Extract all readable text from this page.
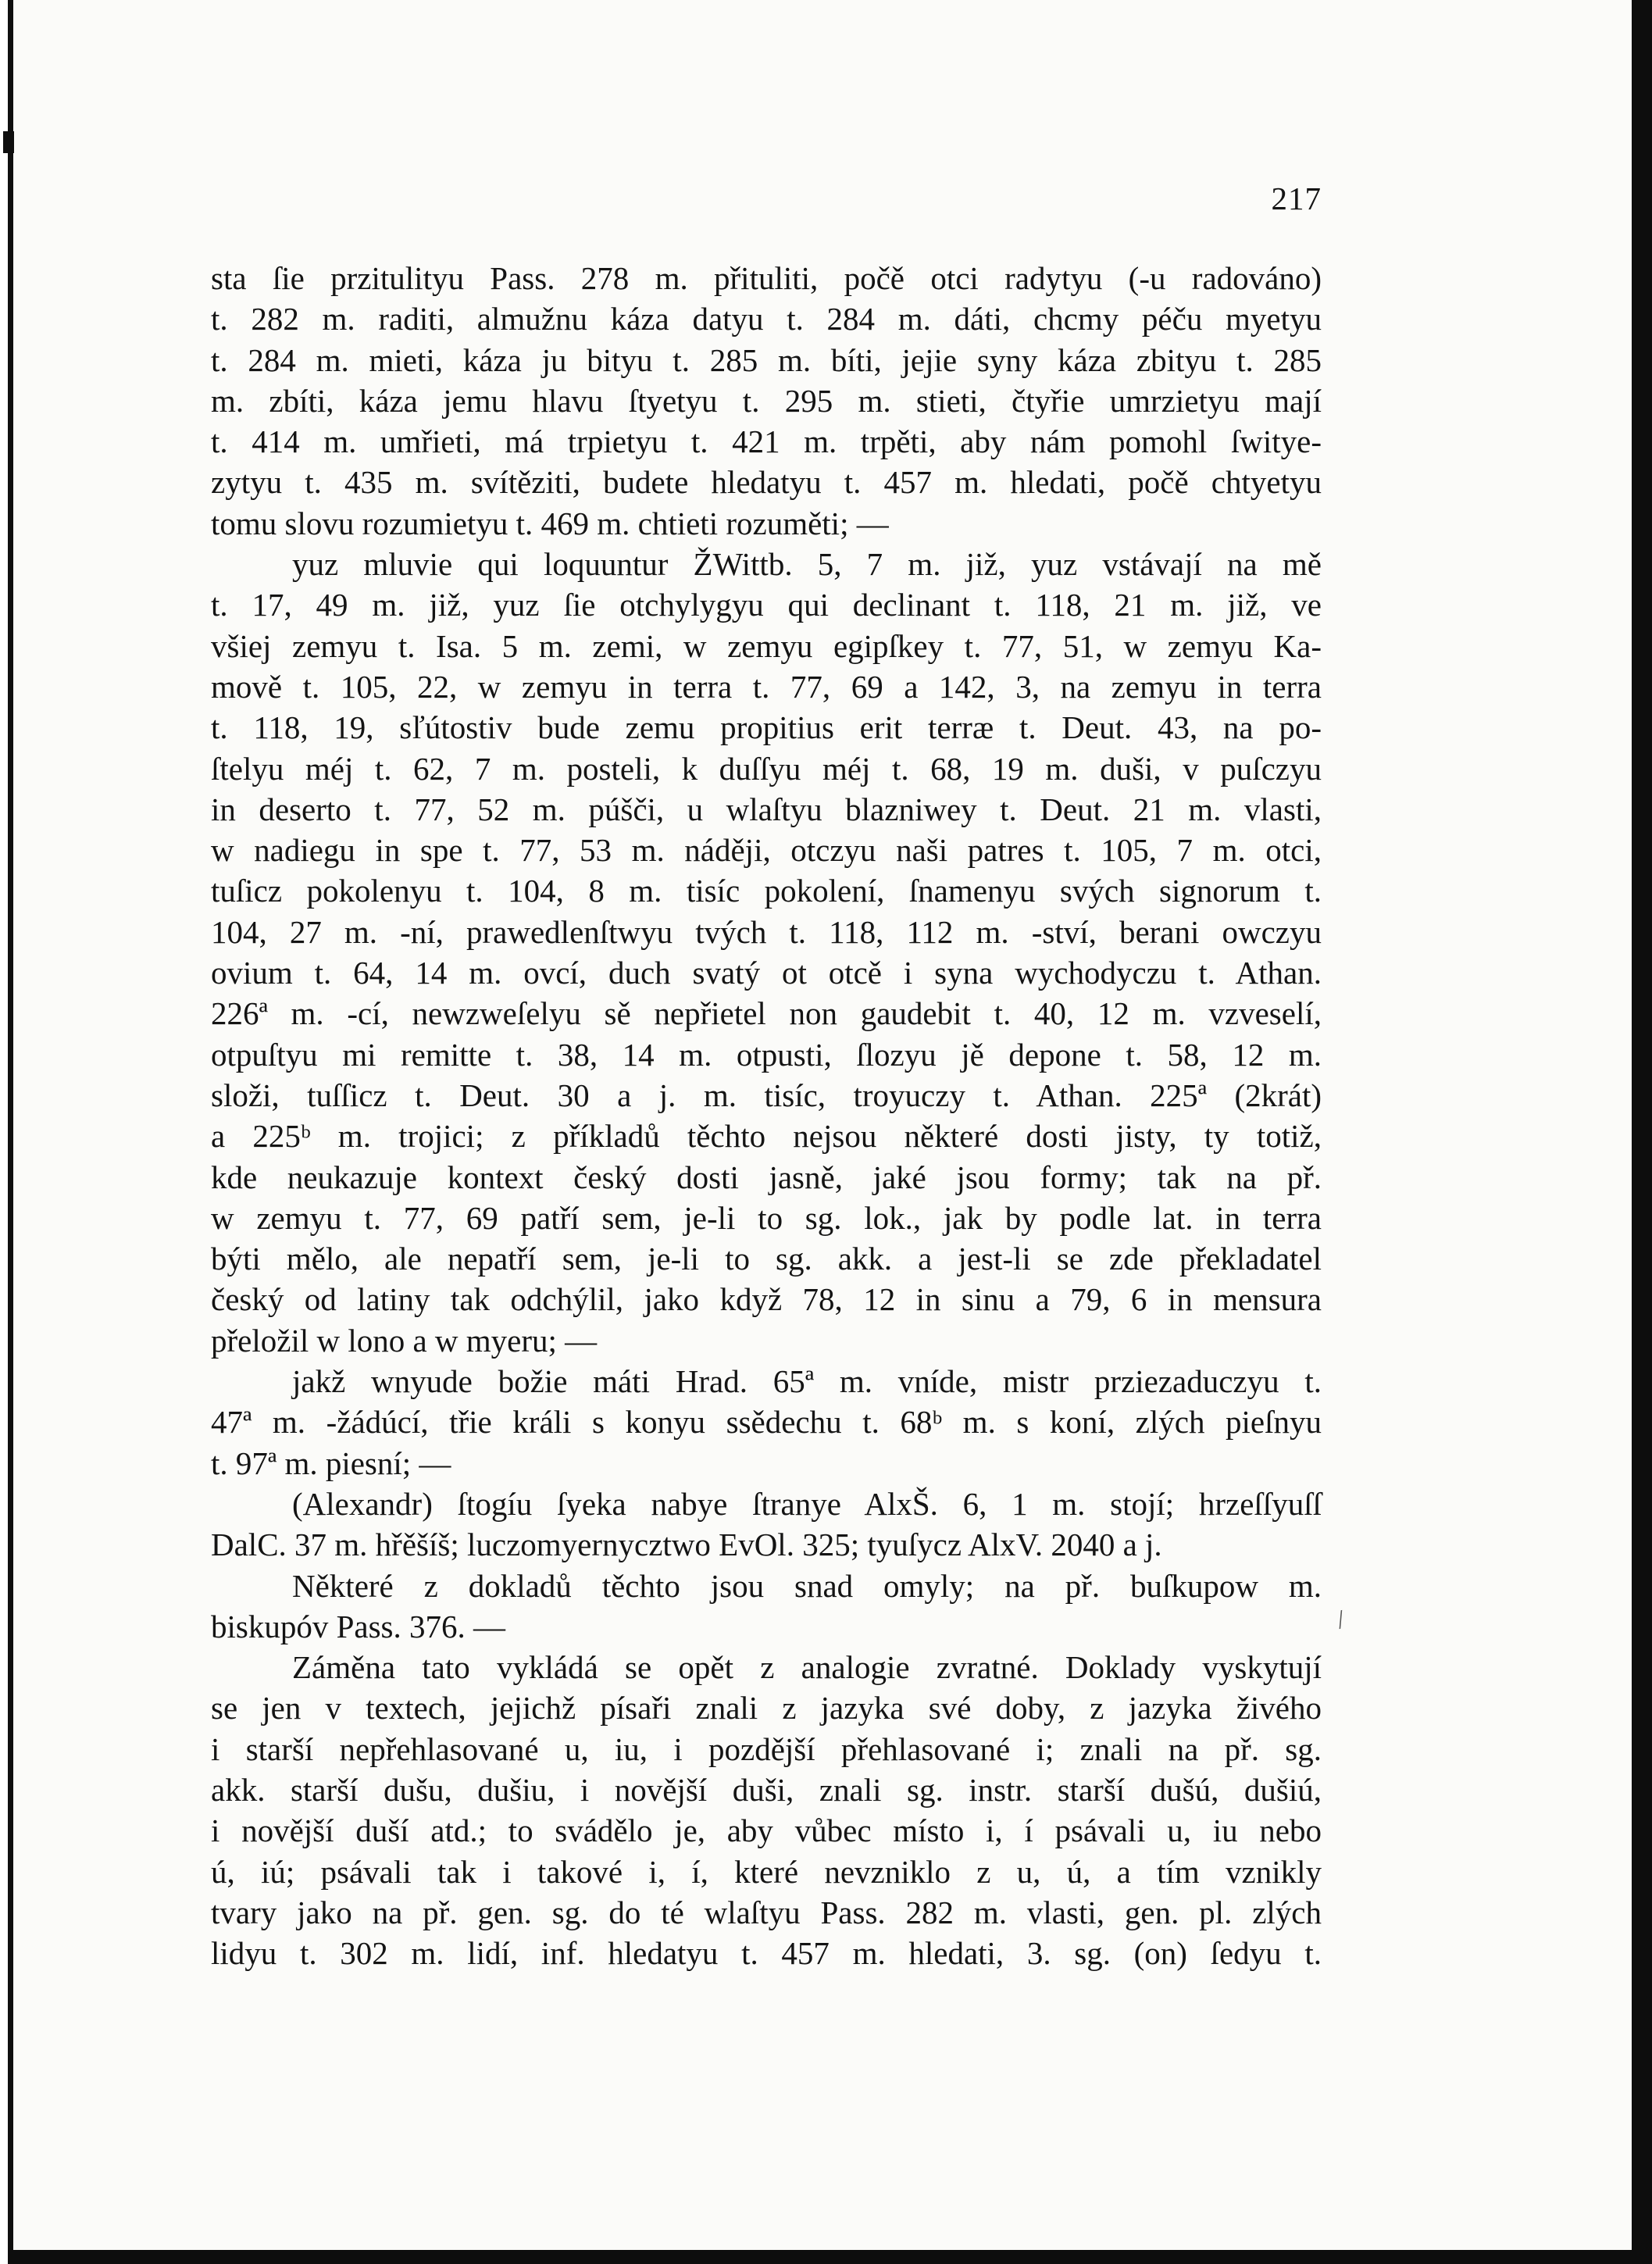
217
sta ſie przitulityu Pass. 278 m. přituliti, počě otci radytyu (-u radováno)
t. 282 m. raditi, almužnu káza datyu t. 284 m. dáti, chcmy péču myetyu
t. 284 m. mieti, káza ju bityu t. 285 m. bíti, jejie syny káza zbityu t. 285
m. zbíti, káza jemu hlavu ſtyetyu t. 295 m. stieti, čtyřie umrzietyu mají
t. 414 m. umřieti, má trpietyu t. 421 m. trpěti, aby nám pomohl ſwitye-
zytyu t. 435 m. svítěziti, budete hledatyu t. 457 m. hledati, počě chtyetyu
tomu slovu rozumietyu t. 469 m. chtieti rozuměti; —
yuz mluvie qui loquuntur ŽWittb. 5, 7 m. již, yuz vstávají na mě
t. 17, 49 m. již, yuz ſie otchylygyu qui declinant t. 118, 21 m. již, ve
všiej zemyu t. Isa. 5 m. zemi, w zemyu egipſkey t. 77, 51, w zemyu Ka-
mově t. 105, 22, w zemyu in terra t. 77, 69 a 142, 3, na zemyu in terra
t. 118, 19, sľútostiv bude zemu propitius erit terræ t. Deut. 43, na po-
ſtelyu méj t. 62, 7 m. posteli, k duſſyu méj t. 68, 19 m. duši, v puſczyu
in deserto t. 77, 52 m. púšči, u wlaſtyu blazniwey t. Deut. 21 m. vlasti,
w nadiegu in spe t. 77, 53 m. náději, otczyu naši patres t. 105, 7 m. otci,
tuſicz pokolenyu t. 104, 8 m. tisíc pokolení, ſnamenyu svých signorum t.
104, 27 m. -ní, prawedlenſtwyu tvých t. 118, 112 m. -ství, berani owczyu
ovium t. 64, 14 m. ovcí, duch svatý ot otcě i syna wychodyczu t. Athan.
226ª m. -cí, newzweſelyu sě nepřietel non gaudebit t. 40, 12 m. vzveselí,
otpuſtyu mi remitte t. 38, 14 m. otpusti, ſlozyu jě depone t. 58, 12 m.
složi, tuſſicz t. Deut. 30 a j. m. tisíc, troyuczy t. Athan. 225ª (2krát)
a 225ᵇ m. trojici; z příkladů těchto nejsou některé dosti jisty, ty totiž,
kde neukazuje kontext český dosti jasně, jaké jsou formy; tak na př.
w zemyu t. 77, 69 patří sem, je-li to sg. lok., jak by podle lat. in terra
býti mělo, ale nepatří sem, je-li to sg. akk. a jest-li se zde překladatel
český od latiny tak odchýlil, jako když 78, 12 in sinu a 79, 6 in mensura
přeložil w lono a w myeru; —
jakž wnyude božie máti Hrad. 65ª m. vníde, mistr prziezaduczyu t.
47ª m. -žádúcí, třie králi s konyu ssědechu t. 68ᵇ m. s koní, zlých pieſnyu
t. 97ª m. piesní; —
(Alexandr) ſtogíu ſyeka nabye ſtranye AlxŠ. 6, 1 m. stojí; hrzeſſyuſſ
DalC. 37 m. hřěšíš; luczomyernycztwo EvOl. 325; tyuſycz AlxV. 2040 a j.
Některé z dokladů těchto jsou snad omyly; na př. buſkupow m.
biskupóv Pass. 376. —
Záměna tato vykládá se opět z analogie zvratné. Doklady vyskytují
se jen v textech, jejichž písaři znali z jazyka své doby, z jazyka živého
i starší nepřehlasované u, iu, i pozdější přehlasované i; znali na př. sg.
akk. starší dušu, dušiu, i novější duši, znali sg. instr. starší dušú, dušiú,
i novější duší atd.; to svádělo je, aby vůbec místo i, í psávali u, iu nebo
ú, iú; psávali tak i takové i, í, které nevzniklo z u, ú, a tím vznikly
tvary jako na př. gen. sg. do té wlaſtyu Pass. 282 m. vlasti, gen. pl. zlých
lidyu t. 302 m. lidí, inf. hledatyu t. 457 m. hledati, 3. sg. (on) ſedyu t.
/
